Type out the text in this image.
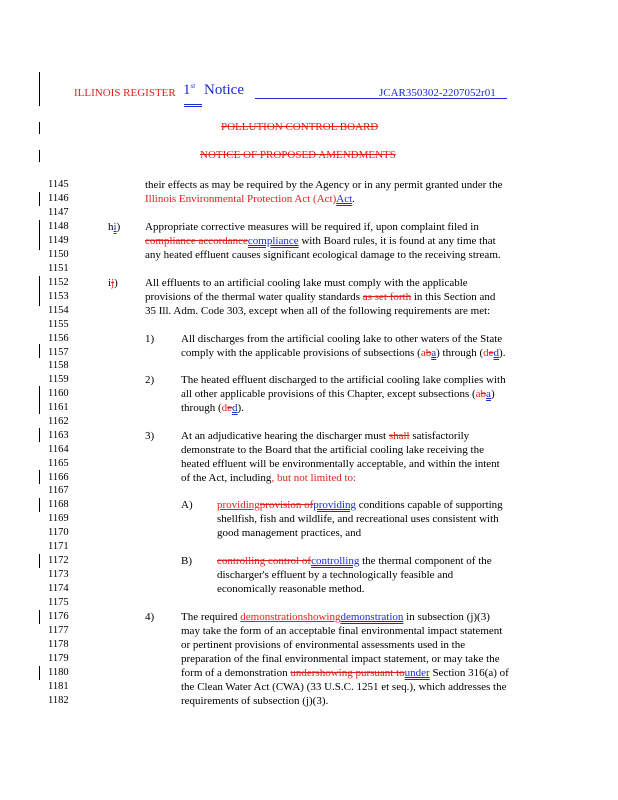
ILLINOIS REGISTER 1st Notice	JCAR350302-2207052r01
POLLUTION CONTROL BOARD
NOTICE OF PROPOSED AMENDMENTS
1145
1146
1147
1148
1149
1150
1151
1152
1153
1154
1155
1156
1157
1158
1159
1160
1161
1162
1163
1164
1165
1166
1167
1168
1169
1170
1171
1172
1173
1174
1175
1176
1177
1178
1179
1180
1181
1182
their effects as may be required by the Agency or in any permit granted under the
Illinois Environmental Protection Act (Act)Act.
hi) Appropriate corrective measures will be required if, upon complaint filed in
compliance accordancecompliance with Board rules, it is found at any time that
any heated effluent causes significant ecological damage to the receiving stream.
ij) All effluents to an artificial cooling lake must comply with the applicable
provisions of the thermal water quality standards as set forth in this Section and
35 Ill. Adm. Code 303, except when all of the following requirements are met:
1) All discharges from the artificial cooling lake to other waters of the State
comply with the applicable provisions of subsections (aba) through (ded).
2) The heated effluent discharged to the artificial cooling lake complies with
all other applicable provisions of this Chapter, except subsections (aba)
through (ded).
3) At an adjudicative hearing the discharger must shall satisfactorily
demonstrate to the Board that the artificial cooling lake receiving the
heated effluent will be environmentally acceptable, and within the intent
of the Act, including, but not limited to:
A) providingprovision ofproviding conditions capable of supporting
shellfish, fish and wildlife, and recreational uses consistent with
good management practices, and
B) controlling control ofcontrolling the thermal component of the
discharger's effluent by a technologically feasible and
economically reasonable method.
4) The required demonstrationshowingdemonstration in subsection (j)(3)
may take the form of an acceptable final environmental impact statement
or pertinent provisions of environmental assessments used in the
preparation of the final environmental impact statement, or may take the
form of a demonstration undershowing pursuant tounder Section 316(a) of
the Clean Water Act (CWA) (33 U.S.C. 1251 et seq.), which addresses the
requirements of subsection (j)(3).
